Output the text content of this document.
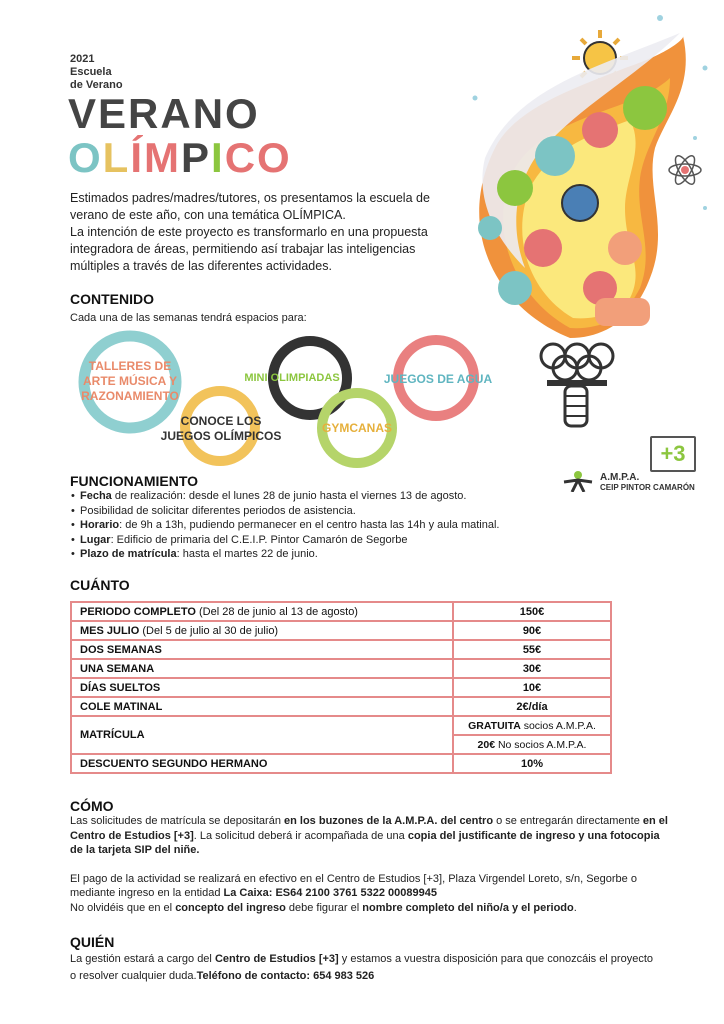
2021
Escuela
de Verano
VERANO
OLÍMPICO
Estimados padres/madres/tutores, os presentamos la escuela de verano de este año, con una temática OLÍMPICA.
La intención de este proyecto es transformarlo en una propuesta integradora de áreas, permitiendo así trabajar las inteligencias múltiples a través de las diferentes actividades.
+3
A.M.P.A.
CEIP PINTOR CAMARÓN
CONTENIDO
Cada una de las semanas tendrá espacios para:
TALLERES DE ARTE MÚSICA Y RAZONAMIENTO
CONOCE LOS JUEGOS OLÍMPICOS
MINI OLIMPIADAS
GYMCANAS
JUEGOS DE AGUA
FUNCIONAMIENTO
• Fecha de realización: desde el lunes 28 de junio hasta el viernes 13 de agosto.
• Posibilidad de solicitar diferentes periodos de asistencia.
• Horario: de 9h a 13h, pudiendo permanecer en el centro hasta las 14h y aula matinal.
• Lugar: Edificio de primaria del C.E.I.P. Pintor Camarón de Segorbe
• Plazo de matrícula: hasta el martes 22 de junio.
CUÁNTO
PERIODO COMPLETO (Del 28 de junio al 13 de agosto)	150€
MES JULIO (Del 5 de julio al 30 de julio)	90€
DOS SEMANAS	55€
UNA SEMANA	30€
DÍAS SUELTOS	10€
COLE MATINAL	2€/día
MATRÍCULA	GRATUITA socios A.M.P.A.
	20€ No socios A.M.P.A.
DESCUENTO SEGUNDO HERMANO	10%
CÓMO
Las solicitudes de matrícula se depositarán en los buzones de la A.M.P.A. del centro o se entregarán directamente en el Centro de Estudios [+3]. La solicitud deberá ir acompañada de una copia del justificante de ingreso y una fotocopia de la tarjeta SIP del niñe.
El pago de la actividad se realizará en efectivo en el Centro de Estudios [+3], Plaza Virgendel Loreto, s/n, Segorbe o mediante ingreso en la entidad La Caixa: ES64 2100 3761 5322 00089945
No olvidéis que en el concepto del ingreso debe figurar el nombre completo del niño/a y el periodo.
QUIÉN
La gestión estará a cargo del Centro de Estudios [+3] y estamos a vuestra disposición para que conozcáis el proyecto o resolver cualquier duda.Teléfono de contacto: 654 983 526
